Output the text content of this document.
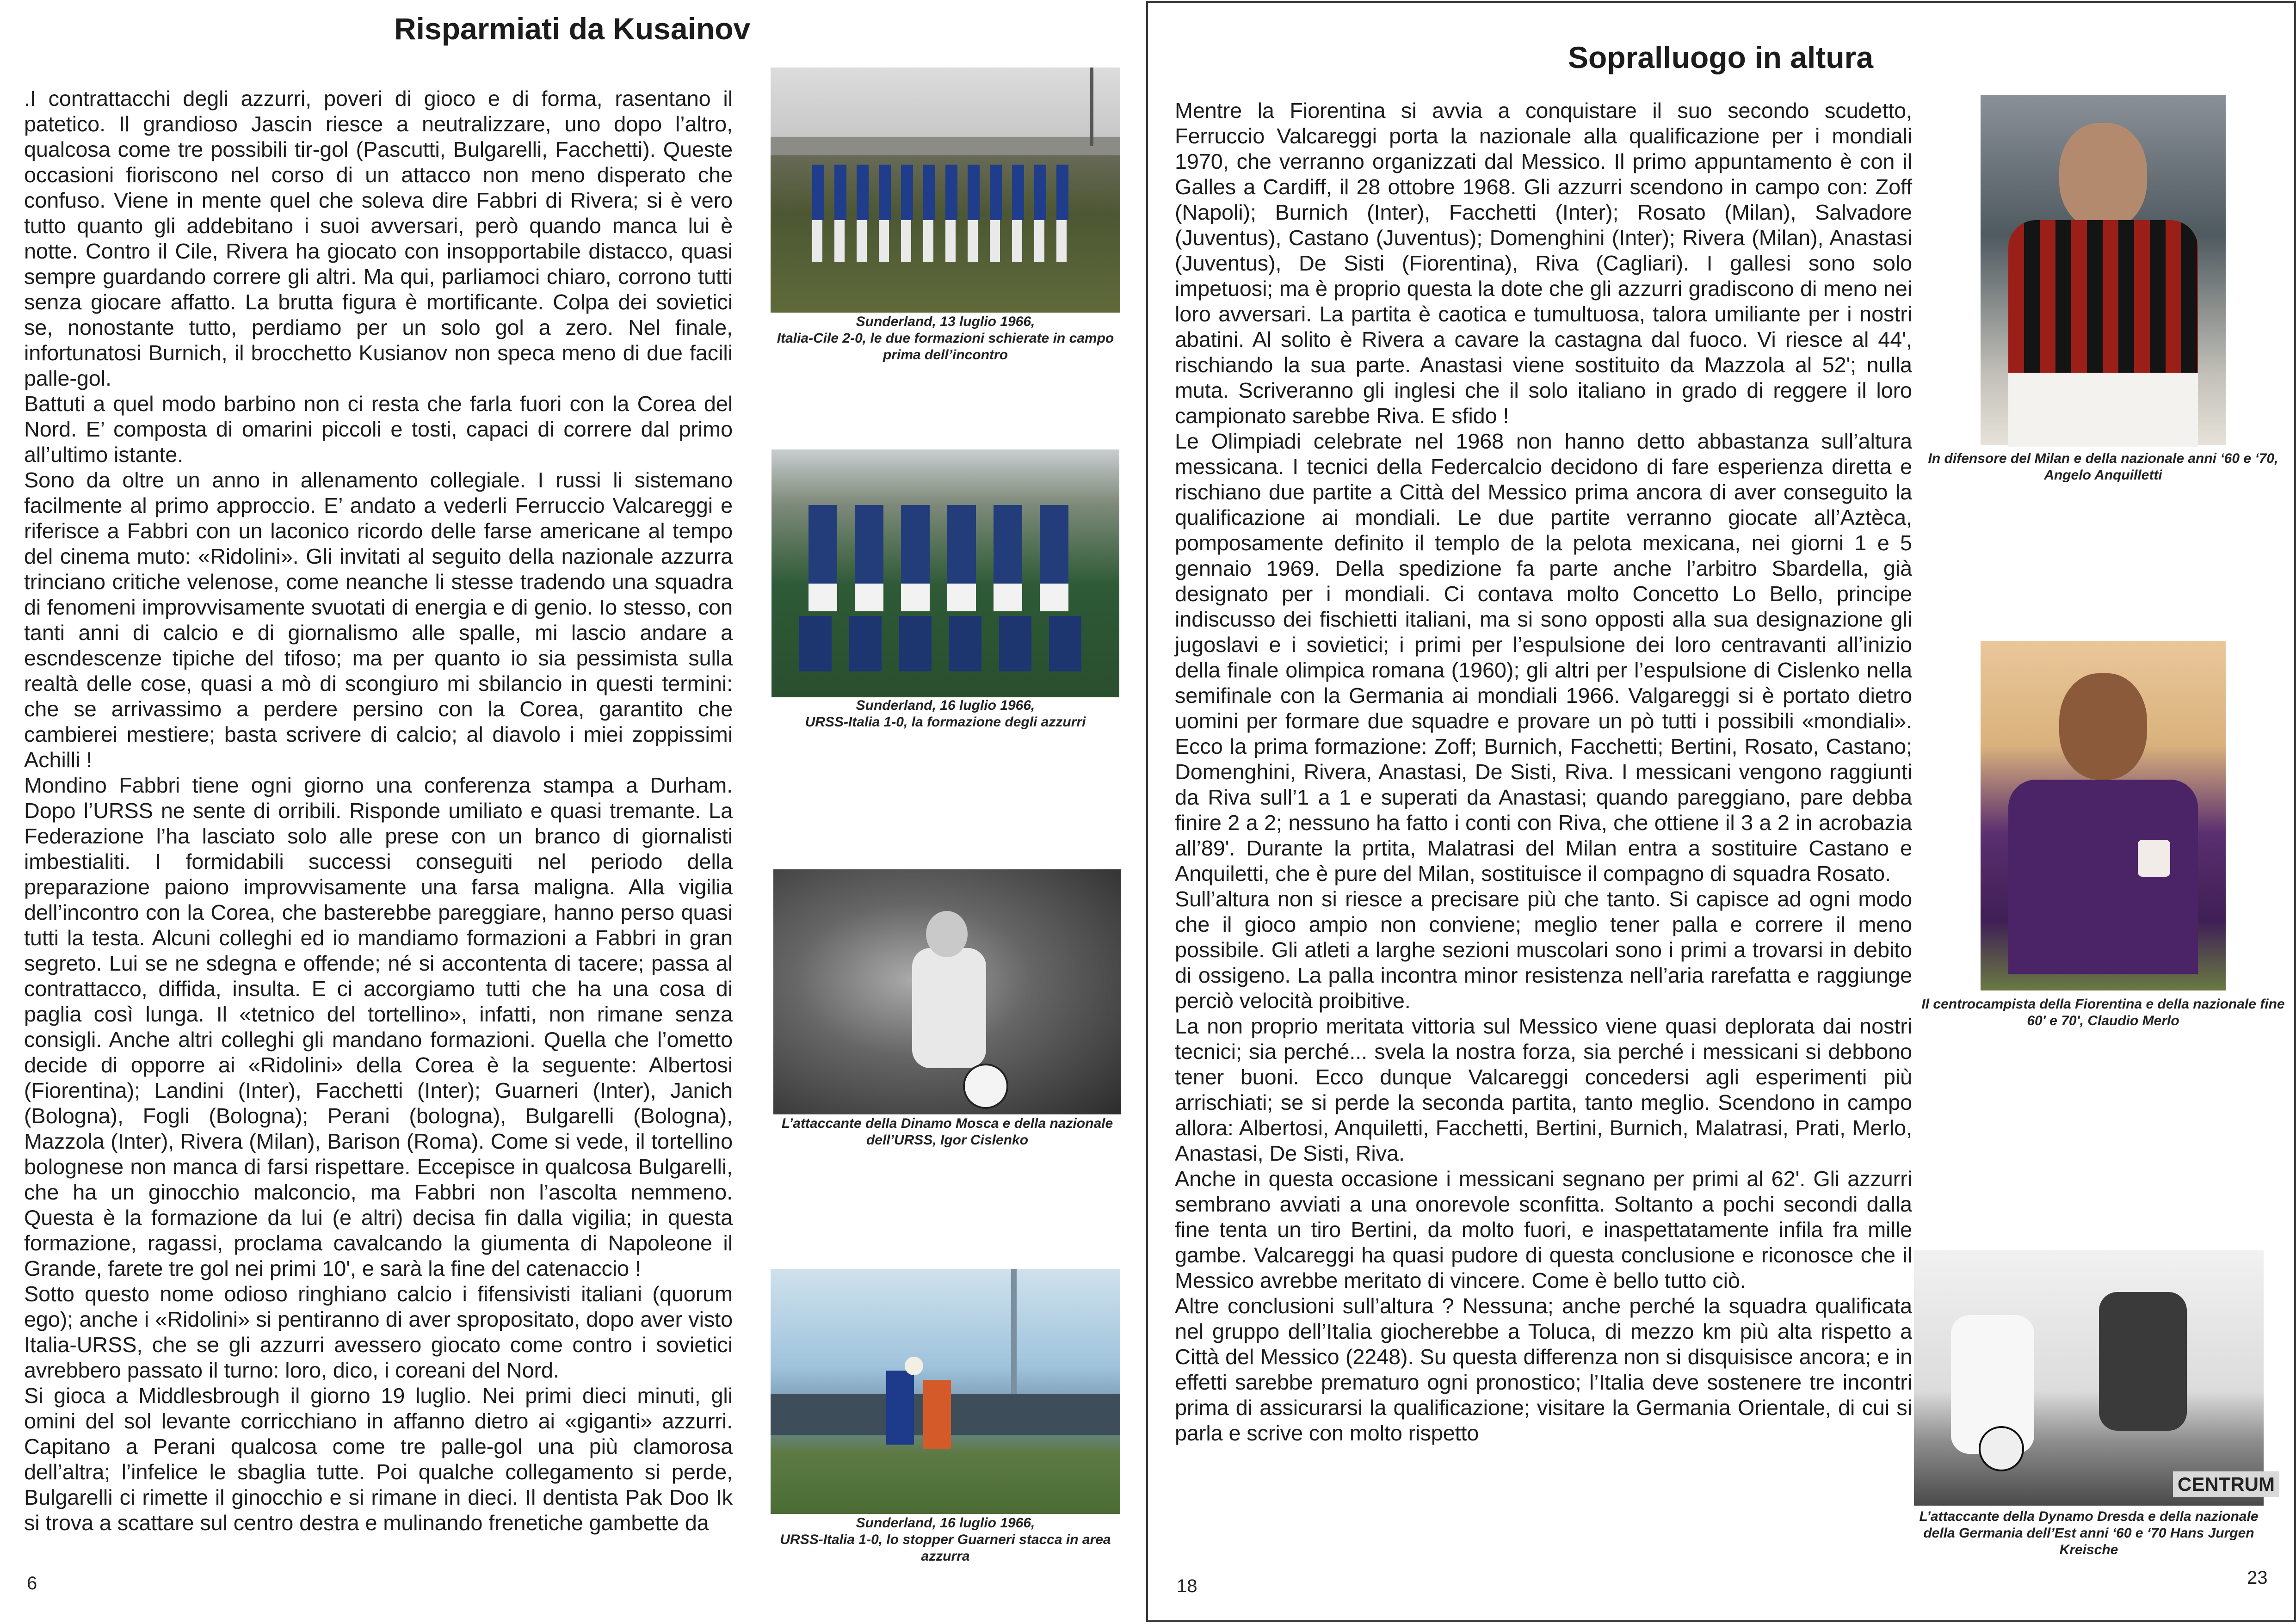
Risparmiati da Kusainov

.I contrattacchi degli azzurri, poveri di gioco e di forma, rasentano il patetico. Il grandioso Jascin riesce a neutralizzare, uno dopo l’altro, qualcosa come tre possibili tir-gol (Pascutti, Bulgarelli, Facchetti). Queste occasioni fioriscono nel corso di un attacco non meno disperato che confuso. Viene in mente quel che soleva dire Fabbri di Rivera; si è vero tutto quanto gli addebitano i suoi avversari, però quando manca lui è notte. Contro il Cile, Rivera ha giocato con insopportabile distacco, quasi sempre guardando correre gli altri. Ma qui, parliamoci chiaro, corrono tutti senza giocare affatto. La brutta figura è mortificante. Colpa dei sovietici se, nonostante tutto, perdiamo per un solo gol a zero. Nel finale, infortunatosi Burnich, il brocchetto Kusianov non speca meno di due facili palle-gol.

Battuti a quel modo barbino non ci resta che farla fuori con la Corea del Nord. E’ composta di omarini piccoli e tosti, capaci di correre dal primo all’ultimo istante.

Sono da oltre un anno in allenamento collegiale. I russi li sistemano facilmente al primo approccio. E’ andato a vederli Ferruccio Valcareggi e riferisce a Fabbri con un laconico ricordo delle farse americane al tempo del cinema muto: «Ridolini». Gli invitati al seguito della nazionale azzurra trinciano critiche velenose, come neanche li stesse tradendo una squadra di fenomeni improvvisamente svuotati di energia e di genio. Io stesso, con tanti anni di calcio e di giornalismo alle spalle, mi lascio andare a escndescenze tipiche del tifoso; ma per quanto io sia pessimista sulla realtà delle cose, quasi a mò di scongiuro mi sbilancio in questi termini: che se arrivassimo a perdere persino con la Corea, garantito che cambierei mestiere; basta scrivere di calcio; al diavolo i miei zoppissimi Achilli !

Mondino Fabbri tiene ogni giorno una conferenza stampa a Durham. Dopo l’URSS ne sente di orribili. Risponde umiliato e quasi tremante. La Federazione l’ha lasciato solo alle prese con un branco di giornalisti imbestialiti. I formidabili successi conseguiti nel periodo della preparazione paiono improvvisamente una farsa maligna. Alla vigilia dell’incontro con la Corea, che basterebbe pareggiare, hanno perso quasi tutti la testa. Alcuni colleghi ed io mandiamo formazioni a Fabbri in gran segreto. Lui se ne sdegna e offende; né si accontenta di tacere; passa al contrattacco, diffida, insulta. E ci accorgiamo tutti che ha una cosa di paglia così lunga. Il «tetnico del tortellino», infatti, non rimane senza consigli. Anche altri colleghi gli mandano formazioni. Quella che l’ometto decide di opporre ai «Ridolini» della Corea è la seguente: Albertosi (Fiorentina); Landini (Inter), Facchetti (Inter); Guarneri (Inter), Janich (Bologna), Fogli (Bologna); Perani (bologna), Bulgarelli (Bologna), Mazzola (Inter), Rivera (Milan), Barison (Roma). Come si vede, il tortellino bolognese non manca di farsi rispettare. Eccepisce in qualcosa Bulgarelli, che ha un ginocchio malconcio, ma Fabbri non l’ascolta nemmeno. Questa è la formazione da lui (e altri) decisa fin dalla vigilia; in questa formazione, ragassi, proclama cavalcando la giumenta di Napoleone il Grande, farete tre gol nei primi 10', e sarà la fine del catenaccio !

Sotto questo nome odioso ringhiano calcio i fifensivisti italiani (quorum ego); anche i «Ridolini» si pentiranno di aver spropositato, dopo aver visto Italia-URSS, che se gli azzurri avessero giocato come contro i sovietici avrebbero passato il turno: loro, dico, i coreani del Nord.

Si gioca a Middlesbrough il giorno 19 luglio. Nei primi dieci minuti, gli omini del sol levante corricchiano in affanno dietro ai «giganti» azzurri. Capitano a Perani qualcosa come tre palle-gol una più clamorosa dell’altra; l’infelice le sbaglia tutte. Poi qualche collegamento si perde, Bulgarelli ci rimette il ginocchio e si rimane in dieci. Il dentista Pak Doo Ik si trova a scattare sul centro destra e mulinando frenetiche gambette da

Sunderland, 13 luglio 1966,
Italia-Cile 2-0, le due formazioni schierate in campo prima dell’incontro
Sunderland, 16 luglio 1966,
URSS-Italia 1-0, la formazione degli azzurri
L’attaccante della Dinamo Mosca e della nazionale dell’URSS, Igor Cislenko
Sunderland, 16 luglio 1966,
URSS-Italia 1-0, lo stopper Guarneri stacca in area azzurra
6
Sopralluogo in altura

Mentre la Fiorentina si avvia a conquistare il suo secondo scudetto, Ferruccio Valcareggi porta la nazionale alla qualificazione per i mondiali 1970, che verranno organizzati dal Messico. Il primo appuntamento è con il Galles a Cardiff, il 28 ottobre 1968. Gli azzurri scendono in campo con: Zoff (Napoli); Burnich (Inter), Facchetti (Inter); Rosato (Milan), Salvadore (Juventus), Castano (Juventus); Domenghini (Inter); Rivera (Milan), Anastasi (Juventus), De Sisti (Fiorentina), Riva (Cagliari). I gallesi sono solo impetuosi; ma è proprio questa la dote che gli azzurri gradiscono di meno nei loro avversari. La partita è caotica e tumultuosa, talora umiliante per i nostri abatini. Al solito è Rivera a cavare la castagna dal fuoco. Vi riesce al 44', rischiando la sua parte. Anastasi viene sostituito da Mazzola al 52'; nulla muta. Scriveranno gli inglesi che il solo italiano in grado di reggere il loro campionato sarebbe Riva. E sfido !

Le Olimpiadi celebrate nel 1968 non hanno detto abbastanza sull’altura messicana. I tecnici della Federcalcio decidono di fare esperienza diretta e rischiano due partite a Città del Messico prima ancora di aver conseguito la qualificazione ai mondiali. Le due partite verranno giocate all’Aztèca, pomposamente definito il templo de la pelota mexicana, nei giorni 1 e 5 gennaio 1969. Della spedizione fa parte anche l’arbitro Sbardella, già designato per i mondiali. Ci contava molto Concetto Lo Bello, principe indiscusso dei fischietti italiani, ma si sono opposti alla sua designazione gli jugoslavi e i sovietici; i primi per l’espulsione dei loro centravanti all’inizio della finale olimpica romana (1960); gli altri per l’espulsione di Cislenko nella semifinale con la Germania ai mondiali 1966. Valgareggi si è portato dietro uomini per formare due squadre e provare un pò tutti i possibili «mondiali». Ecco la prima formazione: Zoff; Burnich, Facchetti; Bertini, Rosato, Castano; Domenghini, Rivera, Anastasi, De Sisti, Riva. I messicani vengono raggiunti da Riva sull’1 a 1 e superati da Anastasi; quando pareggiano, pare debba finire 2 a 2; nessuno ha fatto i conti con Riva, che ottiene il 3 a 2 in acrobazia all’89'. Durante la prtita, Malatrasi del Milan entra a sostituire Castano e Anquiletti, che è pure del Milan, sostituisce il compagno di squadra Rosato.

Sull’altura non si riesce a precisare più che tanto. Si capisce ad ogni modo che il gioco ampio non conviene; meglio tener palla e correre il meno possibile. Gli atleti a larghe sezioni muscolari sono i primi a trovarsi in debito di ossigeno. La palla incontra minor resistenza nell’aria rarefatta e raggiunge perciò velocità proibitive.

La non proprio meritata vittoria sul Messico viene quasi deplorata dai nostri tecnici; sia perché... svela la nostra forza, sia perché i messicani si debbono tener buoni. Ecco dunque Valcareggi concedersi agli esperimenti più arrischiati; se si perde la seconda partita, tanto meglio. Scendono in campo allora: Albertosi, Anquiletti, Facchetti, Bertini, Burnich, Malatrasi, Prati, Merlo, Anastasi, De Sisti, Riva.

Anche in questa occasione i messicani segnano per primi al 62'. Gli azzurri sembrano avviati a una onorevole sconfitta. Soltanto a pochi secondi dalla fine tenta un tiro Bertini, da molto fuori, e inaspettatamente infila fra mille gambe. Valcareggi ha quasi pudore di questa conclusione e riconosce che il Messico avrebbe meritato di vincere. Come è bello tutto ciò.

Altre conclusioni sull’altura ? Nessuna; anche perché la squadra qualificata nel gruppo dell’Italia giocherebbe a Toluca, di mezzo km più alta rispetto a Città del Messico (2248). Su questa differenza non si disquisisce ancora; e in effetti sarebbe prematuro ogni pronostico; l’Italia deve sostenere tre incontri prima di assicurarsi la qualificazione; visitare la Germania Orientale, di cui si parla e scrive con molto rispetto

In difensore del Milan e della nazionale anni ‘60 e ‘70, Angelo Anquilletti
Il centrocampista della Fiorentina e della nazionale fine 60' e 70', Claudio Merlo
CENTRUM
L’attaccante della Dynamo Dresda e della nazionale della Germania dell’Est anni ‘60 e ‘70 Hans Jurgen Kreische
18	23
